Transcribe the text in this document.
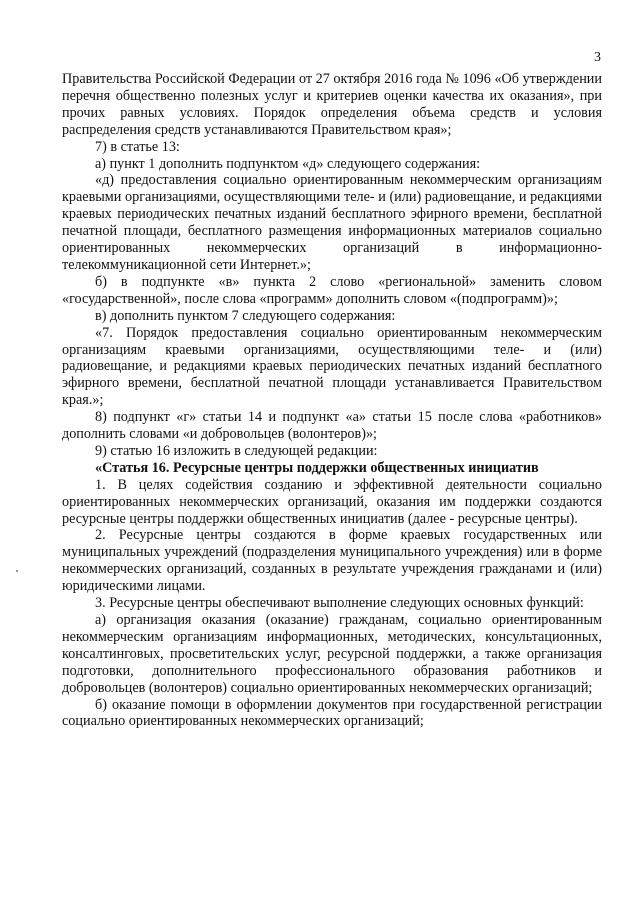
3

Правительства Российской Федерации от 27 октября 2016 года № 1096 «Об утверждении перечня общественно полезных услуг и критериев оценки качества их оказания», при прочих равных условиях. Порядок определения объема средств и условия распределения средств устанавливаются Правительством края»;

7) в статье 13:

а) пункт 1 дополнить подпунктом «д» следующего содержания:

«д) предоставления социально ориентированным некоммерческим организациям краевыми организациями, осуществляющими теле- и (или) радиовещание, и редакциями краевых периодических печатных изданий бесплатного эфирного времени, бесплатной печатной площади, бесплатного размещения информационных материалов социально ориентированных некоммерческих организаций в информационно-телекоммуникационной сети Интернет.»;

б) в подпункте «в» пункта 2 слово «региональной» заменить словом «государственной», после слова «программ» дополнить словом «(подпрограмм)»;

в) дополнить пунктом 7 следующего содержания:

«7. Порядок предоставления социально ориентированным некоммерческим организациям краевыми организациями, осуществляющими теле- и (или) радиовещание, и редакциями краевых периодических печатных изданий бесплатного эфирного времени, бесплатной печатной площади устанавливается Правительством края.»;

8) подпункт «г» статьи 14 и подпункт «а» статьи 15 после слова «работников» дополнить словами «и добровольцев (волонтеров)»;

9) статью 16 изложить в следующей редакции:

«Статья 16. Ресурсные центры поддержки общественных инициатив

1. В целях содействия созданию и эффективной деятельности социально ориентированных некоммерческих организаций, оказания им поддержки создаются ресурсные центры поддержки общественных инициатив (далее - ресурсные центры).

2. Ресурсные центры создаются в форме краевых государственных или муниципальных учреждений (подразделения муниципального учреждения) или в форме некоммерческих организаций, созданных в результате учреждения гражданами и (или) юридическими лицами.

3. Ресурсные центры обеспечивают выполнение следующих основных функций:

а) организация оказания (оказание) гражданам, социально ориентированным некоммерческим организациям информационных, методических, консультационных, консалтинговых, просветительских услуг, ресурсной поддержки, а также организация подготовки, дополнительного профессионального образования работников и добровольцев (волонтеров) социально ориентированных некоммерческих организаций;

б) оказание помощи в оформлении документов при государственной регистрации социально ориентированных некоммерческих организаций;
